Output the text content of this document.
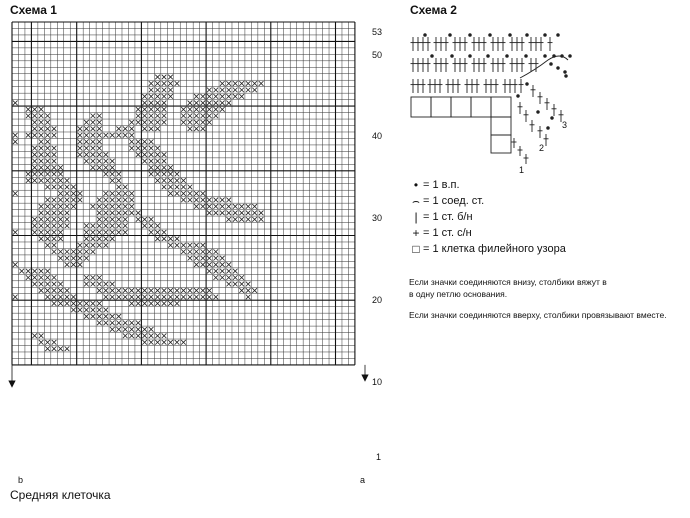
Схема 1
53
50
40
30
20
10
1
b	a
Средняя клеточка
Схема 2
3
2
1
• = 1 в.п.
⌢ = 1 соед. ст.
| = 1 ст. б/н
+ = 1 ст. с/н
□ = 1 клетка филейного узора
Если значки соединяются внизу, столбики вяжут в
в одну петлю основания.
Если значки соединяются вверху, столбики провязывают вместе.
